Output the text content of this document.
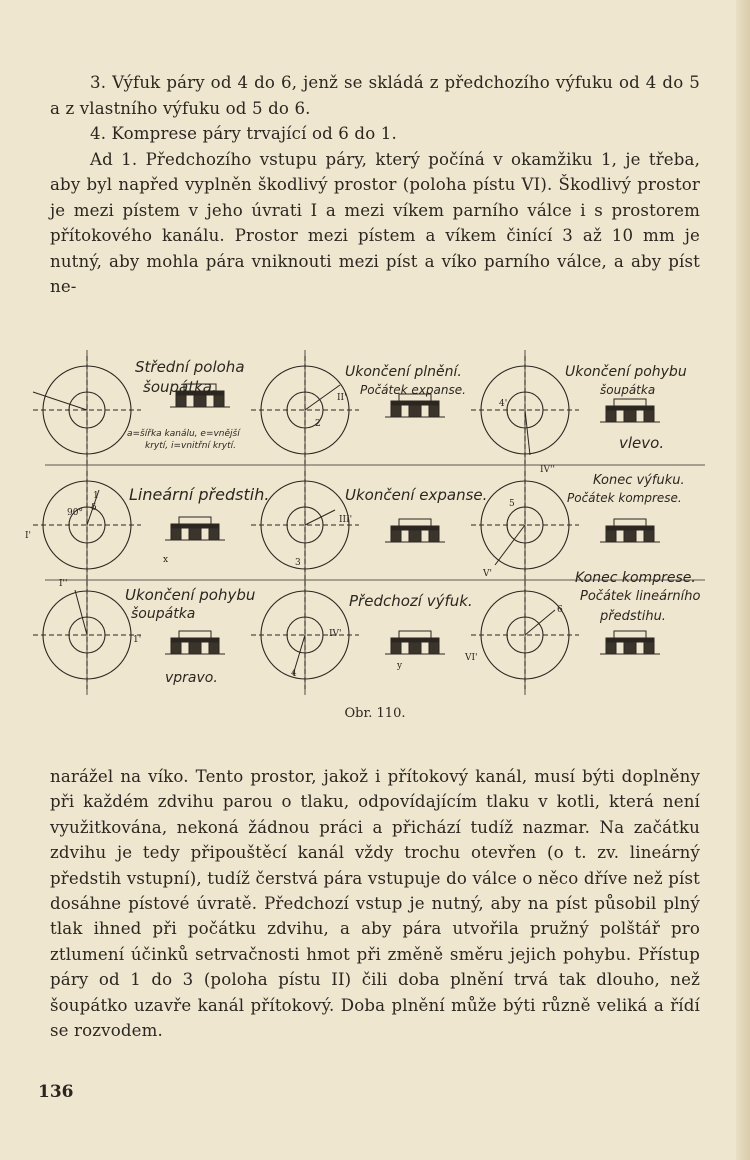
3. Výfuk páry od 4 do 6, jenž se skládá z předchozího výfuku od 4 do 5 a z vlastního výfuku od 5 do 6.

4. Komprese páry trvající od 6 do 1.

Ad 1. Předchozího vstupu páry, který počíná v okamžiku 1, je třeba, aby byl napřed vyplněn škodlivý prostor (poloha pístu VI). Škodlivý prostor je mezi pístem v jeho úvrati I a mezi víkem parního válce i s prostorem přítokového kanálu. Prostor mezi pístem a víkem činící 3 až 10 mm je nutný, aby mohla pára vniknouti mezi píst a víko parního válce, a aby píst ne-

Střední poloha
šoupátka.
a=šířka kanálu, e=vnější
krytí, i=vnitřní krytí.
Ukončení plnění.
Počátek expanse.
Ukončení pohybu
šoupátka
vlevo.
Lineární předstih.	Ukončení expanse.
Konec výfuku.
Počátek komprese.
Ukončení pohybu
šoupátka
vpravo.
Předchozí výfuk.
Konec komprese.
Počátek lineárního
předstihu.
II'
2
4'
IV''
1
I'
90° δ
x	3
III'
5
V'
I''
1'
IV'
4
y
VI'
6
Obr. 110.

narážel na víko. Tento prostor, jakož i přítokový kanál, musí býti doplněny při každém zdvihu parou o tlaku, odpovídajícím tlaku v kotli, která není využitkována, nekoná žádnou práci a přichází tudíž nazmar. Na začátku zdvihu je tedy připouštěcí kanál vždy trochu otevřen (o t. zv. lineárný předstih vstupní), tudíž čerstvá pára vstupuje do válce o něco dříve než píst dosáhne pístové úvratě. Předchozí vstup je nutný, aby na píst působil plný tlak ihned při počátku zdvihu, a aby pára utvořila pružný polštář pro ztlumení účinků setrvačnosti hmot při změně směru jejich pohybu. Přístup páry od 1 do 3 (poloha pístu II) čili doba plnění trvá tak dlouho, než šoupátko uzavře kanál přítokový. Doba plnění může býti různě veliká a řídí se rozvodem.

136
